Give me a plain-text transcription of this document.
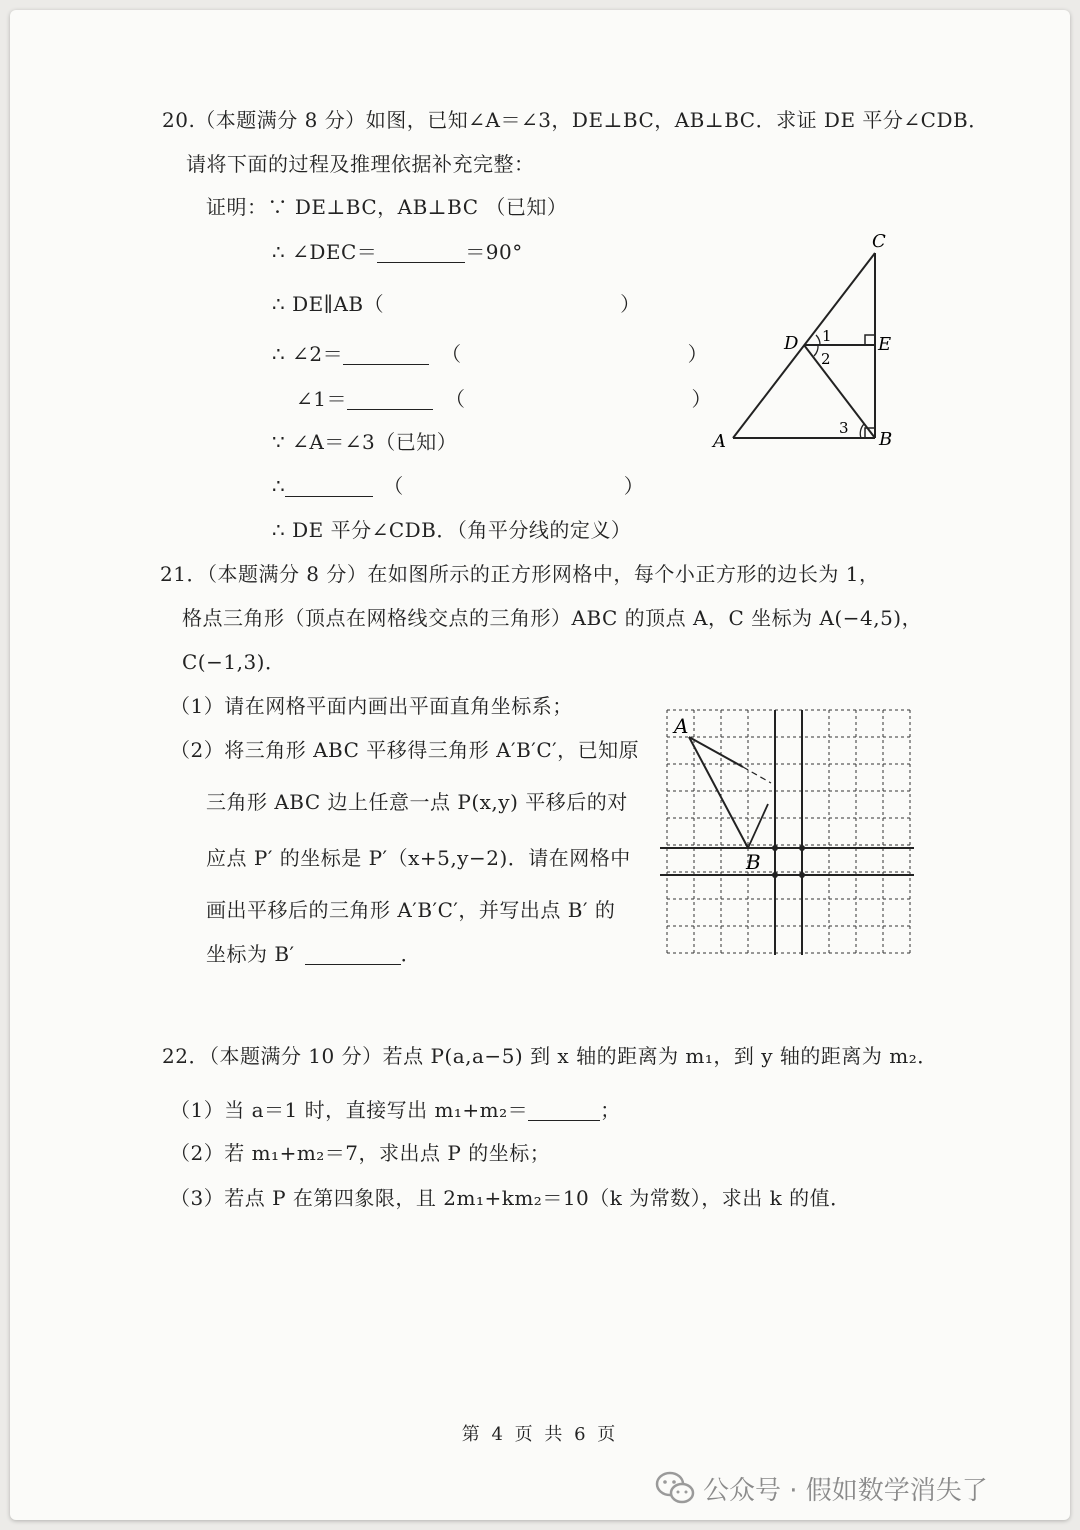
20.（本题满分 8 分）如图，已知∠A＝∠3，DE⊥BC，AB⊥BC．求证 DE 平分∠CDB．
请将下面的过程及推理依据补充完整：
证明：∵ DE⊥BC，AB⊥BC （已知）
∴ ∠DEC＝	＝90°
∴ DE∥AB（	）
∴ ∠2＝	（	）
∠1＝	（	）
∵ ∠A＝∠3（已知）
∴	（	）
∴ DE 平分∠CDB．（角平分线的定义）
C
D	E
A	B
1
2
3
21．（本题满分 8 分）在如图所示的正方形网格中，每个小正方形的边长为 1，
格点三角形（顶点在网格线交点的三角形）ABC 的顶点 A，C 坐标为 A(−4,5)，
C(−1,3)．
（1）请在网格平面内画出平面直角坐标系；
（2）将三角形 ABC 平移得三角形 A′B′C′，已知原
三角形 ABC 边上任意一点 P(x,y) 平移后的对
应点 P′ 的坐标是 P′（x+5,y−2)．请在网格中
画出平移后的三角形 A′B′C′，并写出点 B′ 的
坐标为 B′	．
A
B
22．（本题满分 10 分）若点 P(a,a−5) 到 x 轴的距离为 m₁，到 y 轴的距离为 m₂．
（1）当 a＝1 时，直接写出 m₁+m₂＝	；
（2）若 m₁+m₂＝7，求出点 P 的坐标；
（3）若点 P 在第四象限，且 2m₁+km₂＝10（k 为常数），求出 k 的值．
第 4 页 共 6 页
公众号 · 假如数学消失了
